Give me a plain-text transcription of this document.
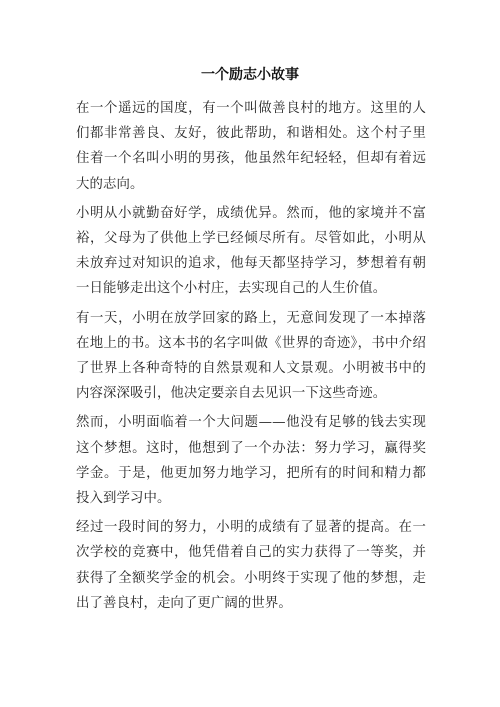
一个励志小故事

在一个遥远的国度，有一个叫做善良村的地方。这里的人们都非常善良、友好，彼此帮助，和谐相处。这个村子里住着一个名叫小明的男孩，他虽然年纪轻轻，但却有着远大的志向。

小明从小就勤奋好学，成绩优异。然而，他的家境并不富裕，父母为了供他上学已经倾尽所有。尽管如此，小明从未放弃过对知识的追求，他每天都坚持学习，梦想着有朝一日能够走出这个小村庄，去实现自己的人生价值。

有一天，小明在放学回家的路上，无意间发现了一本掉落在地上的书。这本书的名字叫做《世界的奇迹》，书中介绍了世界上各种奇特的自然景观和人文景观。小明被书中的内容深深吸引，他决定要亲自去见识一下这些奇迹。

然而，小明面临着一个大问题——他没有足够的钱去实现这个梦想。这时，他想到了一个办法：努力学习，赢得奖学金。于是，他更加努力地学习，把所有的时间和精力都投入到学习中。

经过一段时间的努力，小明的成绩有了显著的提高。在一次学校的竞赛中，他凭借着自己的实力获得了一等奖，并获得了全额奖学金的机会。小明终于实现了他的梦想，走出了善良村，走向了更广阔的世界。
